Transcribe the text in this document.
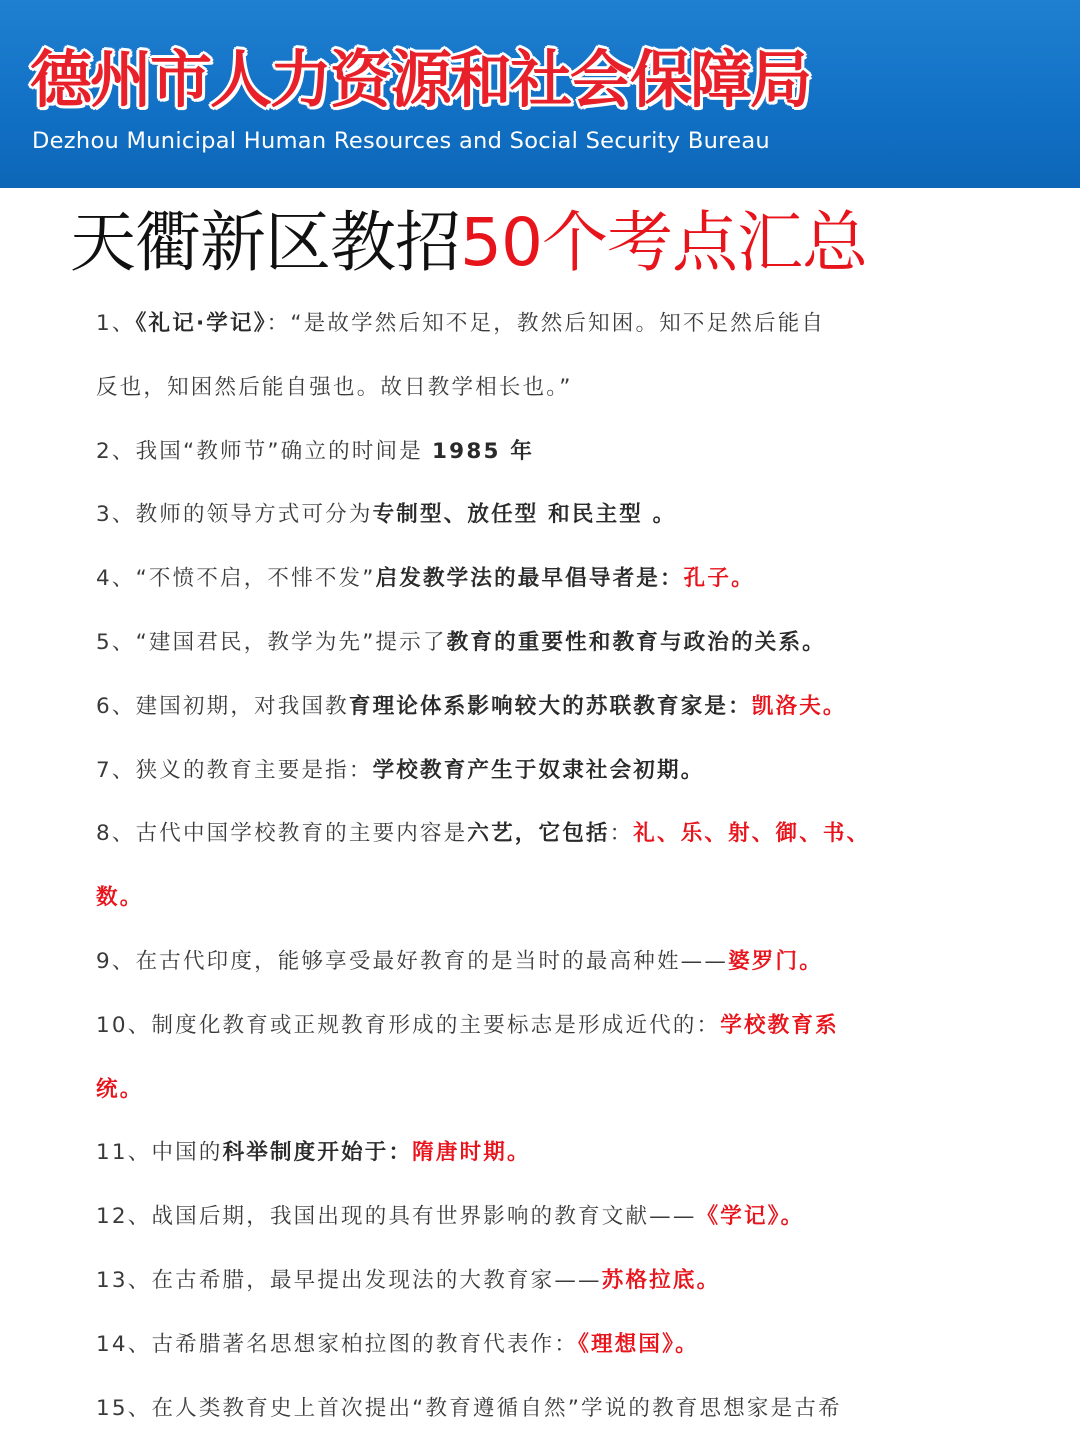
德州市人力资源和社会保障局
Dezhou Municipal Human Resources and Social Security Bureau
天衢新区教招50个考点汇总
1、《礼记·学记》：“是故学然后知不足，教然后知困。知不足然后能自
反也，知困然后能自强也。故日教学相长也。”
2、我国“教师节”确立的时间是 1985 年
3、教师的领导方式可分为专制型、放任型 和民主型 。
4、“不愤不启，不悱不发”启发教学法的最早倡导者是：孔子。
5、“建国君民，教学为先”提示了教育的重要性和教育与政治的关系。
6、建国初期，对我国教育理论体系影响较大的苏联教育家是：凯洛夫。
7、狭义的教育主要是指：学校教育产生于奴隶社会初期。
8、古代中国学校教育的主要内容是六艺，它包括：礼、乐、射、御、书、
数。
9、在古代印度，能够享受最好教育的是当时的最高种姓——婆罗门。
10、制度化教育或正规教育形成的主要标志是形成近代的：学校教育系
统。
11、中国的科举制度开始于：隋唐时期。
12、战国后期，我国出现的具有世界影响的教育文献——《学记》。
13、在古希腊，最早提出发现法的大教育家——苏格拉底。
14、古希腊著名思想家柏拉图的教育代表作：《理想国》。
15、在人类教育史上首次提出“教育遵循自然”学说的教育思想家是古希
